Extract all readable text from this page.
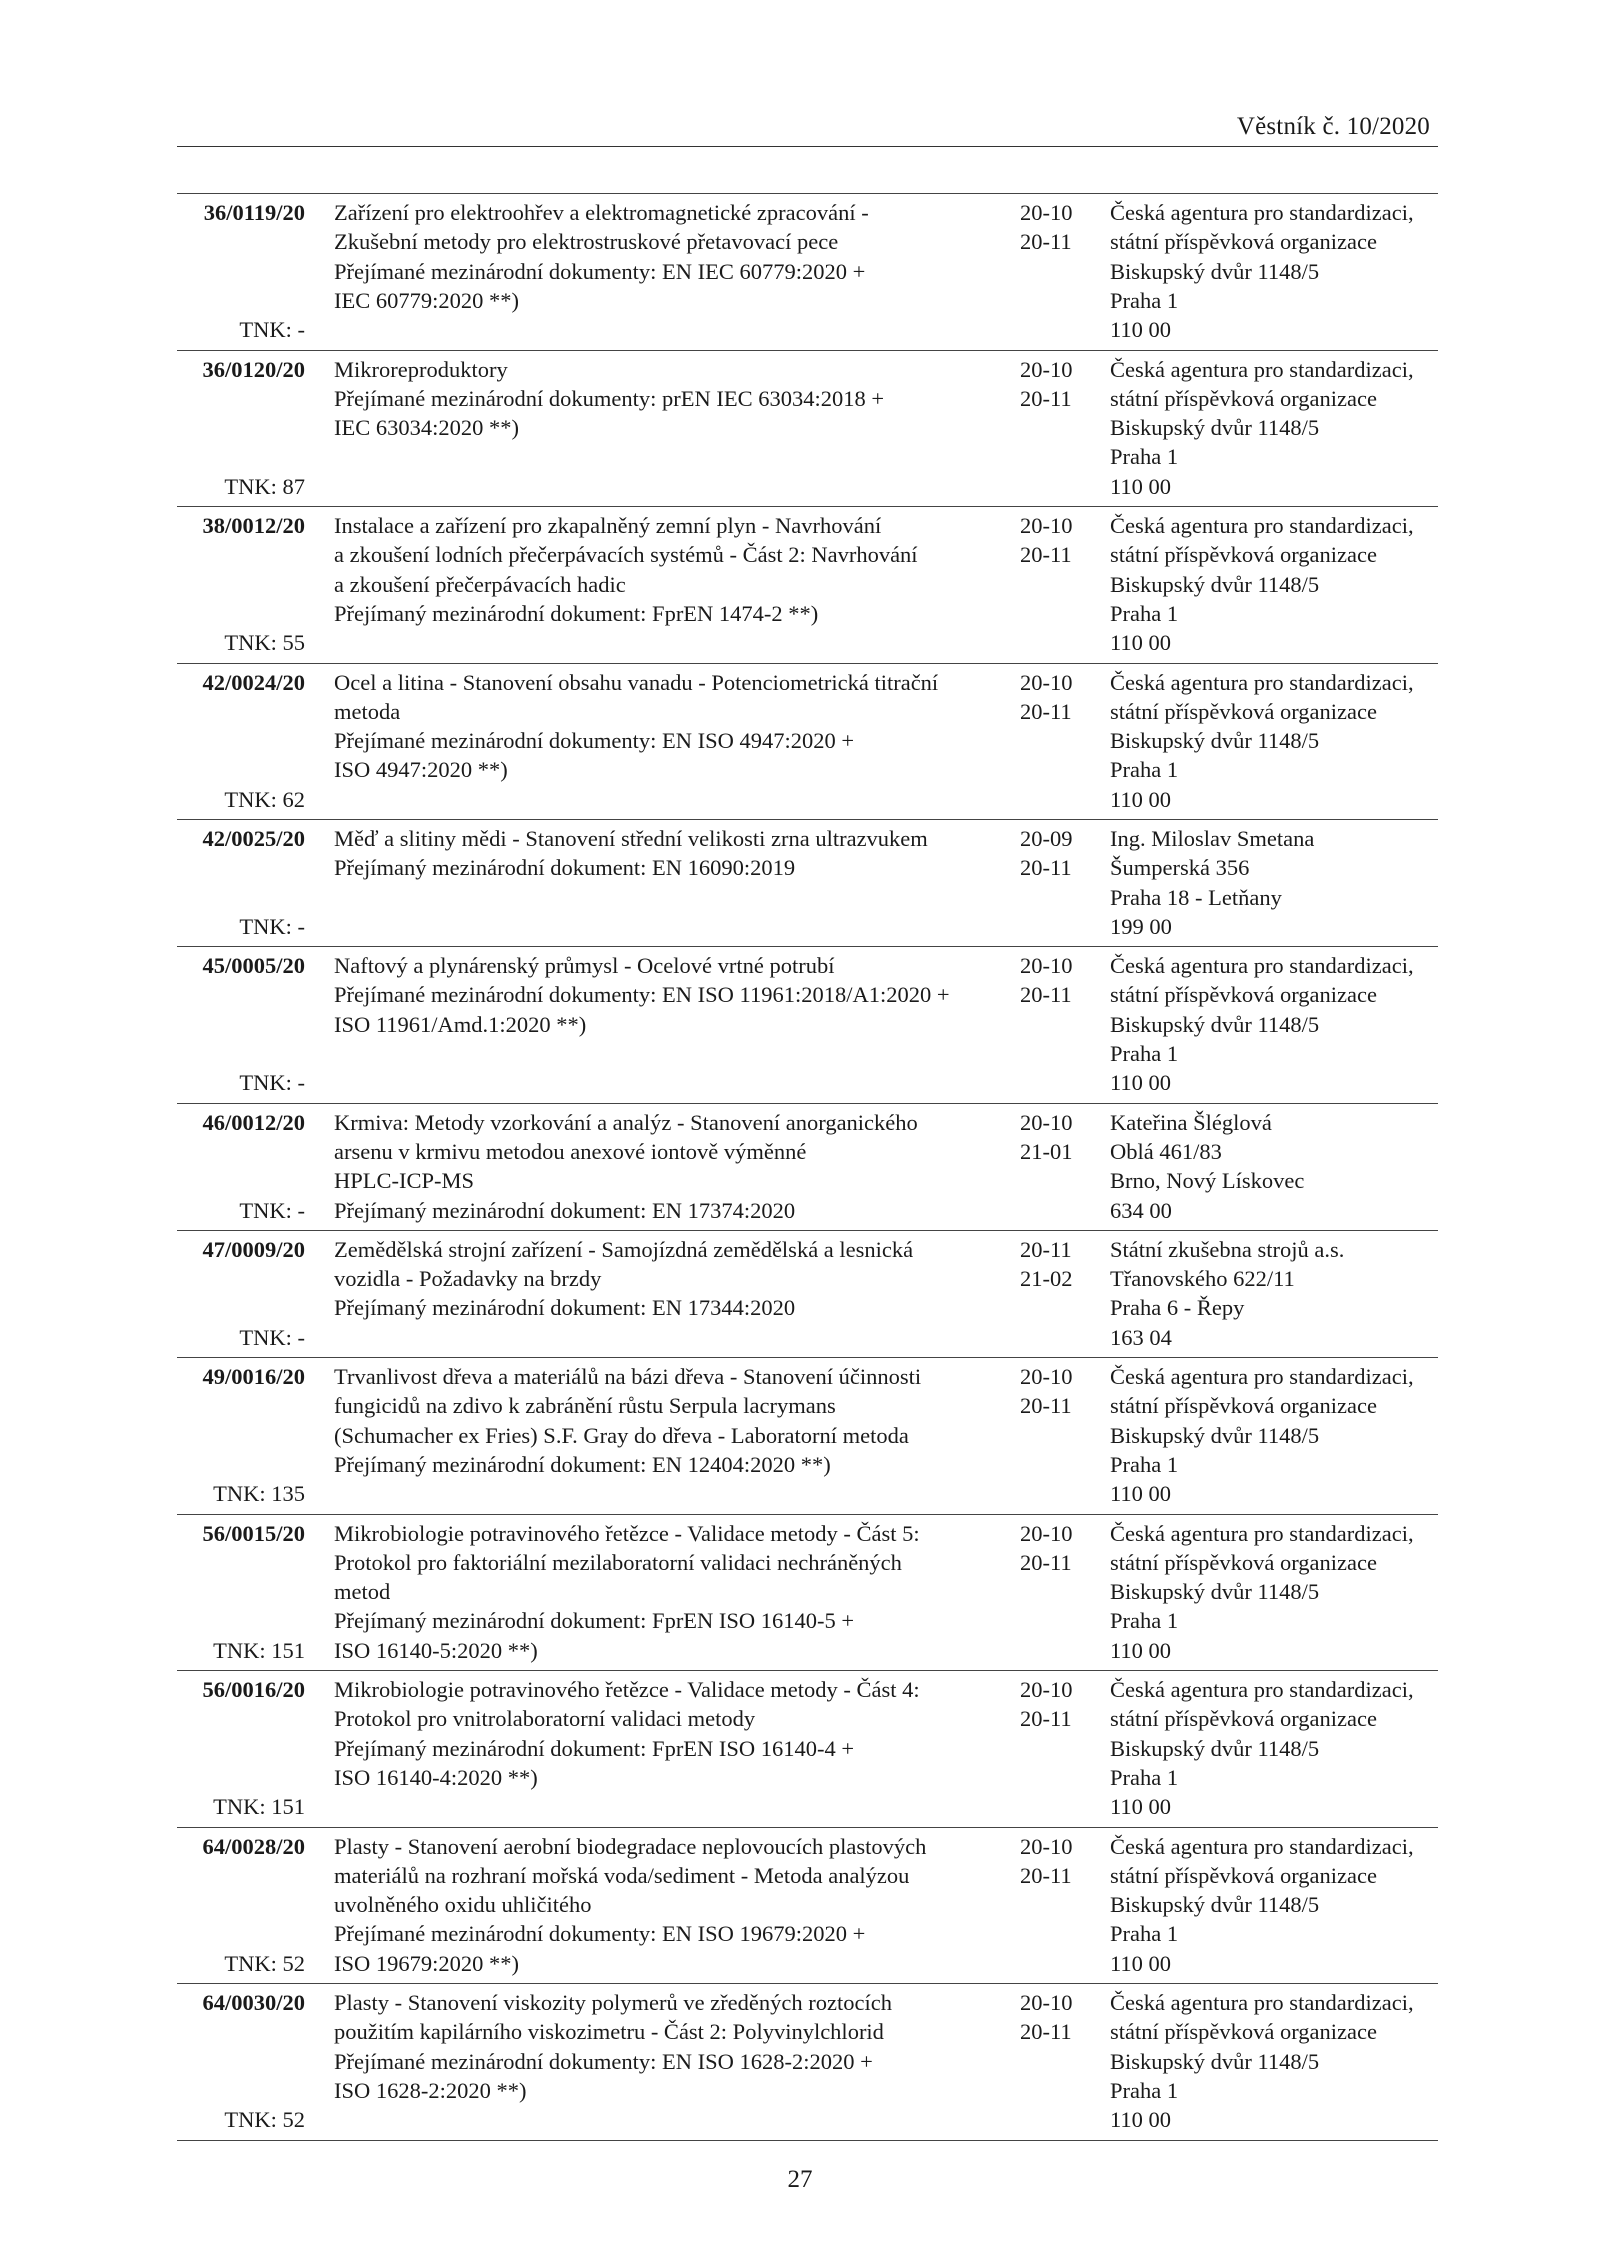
Věstník č. 10/2020
36/0119/20
TNK: -
Zařízení pro elektroohřev a elektromagnetické zpracování -
Zkušební metody pro elektrostruskové přetavovací pece
Přejímané mezinárodní dokumenty: EN IEC 60779:2020 +
IEC 60779:2020 **)
20-10
20-11
Česká agentura pro standardizaci,
státní příspěvková organizace
Biskupský dvůr 1148/5
Praha 1
110 00
36/0120/20
TNK: 87
Mikroreproduktory
Přejímané mezinárodní dokumenty: prEN IEC 63034:2018 +
IEC 63034:2020 **)
20-10
20-11
Česká agentura pro standardizaci,
státní příspěvková organizace
Biskupský dvůr 1148/5
Praha 1
110 00
38/0012/20
TNK: 55
Instalace a zařízení pro zkapalněný zemní plyn - Navrhování
a zkoušení lodních přečerpávacích systémů - Část 2: Navrhování
a zkoušení přečerpávacích hadic
Přejímaný mezinárodní dokument: FprEN 1474-2 **)
20-10
20-11
Česká agentura pro standardizaci,
státní příspěvková organizace
Biskupský dvůr 1148/5
Praha 1
110 00
42/0024/20
TNK: 62
Ocel a litina - Stanovení obsahu vanadu - Potenciometrická titrační
metoda
Přejímané mezinárodní dokumenty: EN ISO 4947:2020 +
ISO 4947:2020 **)
20-10
20-11
Česká agentura pro standardizaci,
státní příspěvková organizace
Biskupský dvůr 1148/5
Praha 1
110 00
42/0025/20
TNK: -
Měď a slitiny mědi - Stanovení střední velikosti zrna ultrazvukem
Přejímaný mezinárodní dokument: EN 16090:2019
20-09
20-11
Ing. Miloslav Smetana
Šumperská 356
Praha 18 - Letňany
199 00
45/0005/20
TNK: -
Naftový a plynárenský průmysl - Ocelové vrtné potrubí
Přejímané mezinárodní dokumenty: EN ISO 11961:2018/A1:2020 +
ISO 11961/Amd.1:2020 **)
20-10
20-11
Česká agentura pro standardizaci,
státní příspěvková organizace
Biskupský dvůr 1148/5
Praha 1
110 00
46/0012/20
TNK: -
Krmiva: Metody vzorkování a analýz - Stanovení anorganického
arsenu v krmivu metodou anexové iontově výměnné
HPLC-ICP-MS
Přejímaný mezinárodní dokument: EN 17374:2020
20-10
21-01
Kateřina Šléglová
Oblá 461/83
Brno, Nový Lískovec
634 00
47/0009/20
TNK: -
Zemědělská strojní zařízení - Samojízdná zemědělská a lesnická
vozidla - Požadavky na brzdy
Přejímaný mezinárodní dokument: EN 17344:2020
20-11
21-02
Státní zkušebna strojů a.s.
Třanovského 622/11
Praha 6 - Řepy
163 04
49/0016/20
TNK: 135
Trvanlivost dřeva a materiálů na bázi dřeva - Stanovení účinnosti
fungicidů na zdivo k zabránění růstu Serpula lacrymans
(Schumacher ex Fries) S.F. Gray do dřeva - Laboratorní metoda
Přejímaný mezinárodní dokument: EN 12404:2020 **)
20-10
20-11
Česká agentura pro standardizaci,
státní příspěvková organizace
Biskupský dvůr 1148/5
Praha 1
110 00
56/0015/20
TNK: 151
Mikrobiologie potravinového řetězce - Validace metody - Část 5:
Protokol pro faktoriální mezilaboratorní validaci nechráněných
metod
Přejímaný mezinárodní dokument: FprEN ISO 16140-5 +
ISO 16140-5:2020 **)
20-10
20-11
Česká agentura pro standardizaci,
státní příspěvková organizace
Biskupský dvůr 1148/5
Praha 1
110 00
56/0016/20
TNK: 151
Mikrobiologie potravinového řetězce - Validace metody - Část 4:
Protokol pro vnitrolaboratorní validaci metody
Přejímaný mezinárodní dokument: FprEN ISO 16140-4 +
ISO 16140-4:2020 **)
20-10
20-11
Česká agentura pro standardizaci,
státní příspěvková organizace
Biskupský dvůr 1148/5
Praha 1
110 00
64/0028/20
TNK: 52
Plasty - Stanovení aerobní biodegradace neplovoucích plastových
materiálů na rozhraní mořská voda/sediment - Metoda analýzou
uvolněného oxidu uhličitého
Přejímané mezinárodní dokumenty: EN ISO 19679:2020 +
ISO 19679:2020 **)
20-10
20-11
Česká agentura pro standardizaci,
státní příspěvková organizace
Biskupský dvůr 1148/5
Praha 1
110 00
64/0030/20
TNK: 52
Plasty - Stanovení viskozity polymerů ve zředěných roztocích
použitím kapilárního viskozimetru - Část 2: Polyvinylchlorid
Přejímané mezinárodní dokumenty: EN ISO 1628-2:2020 +
ISO 1628-2:2020 **)
20-10
20-11
Česká agentura pro standardizaci,
státní příspěvková organizace
Biskupský dvůr 1148/5
Praha 1
110 00
27
